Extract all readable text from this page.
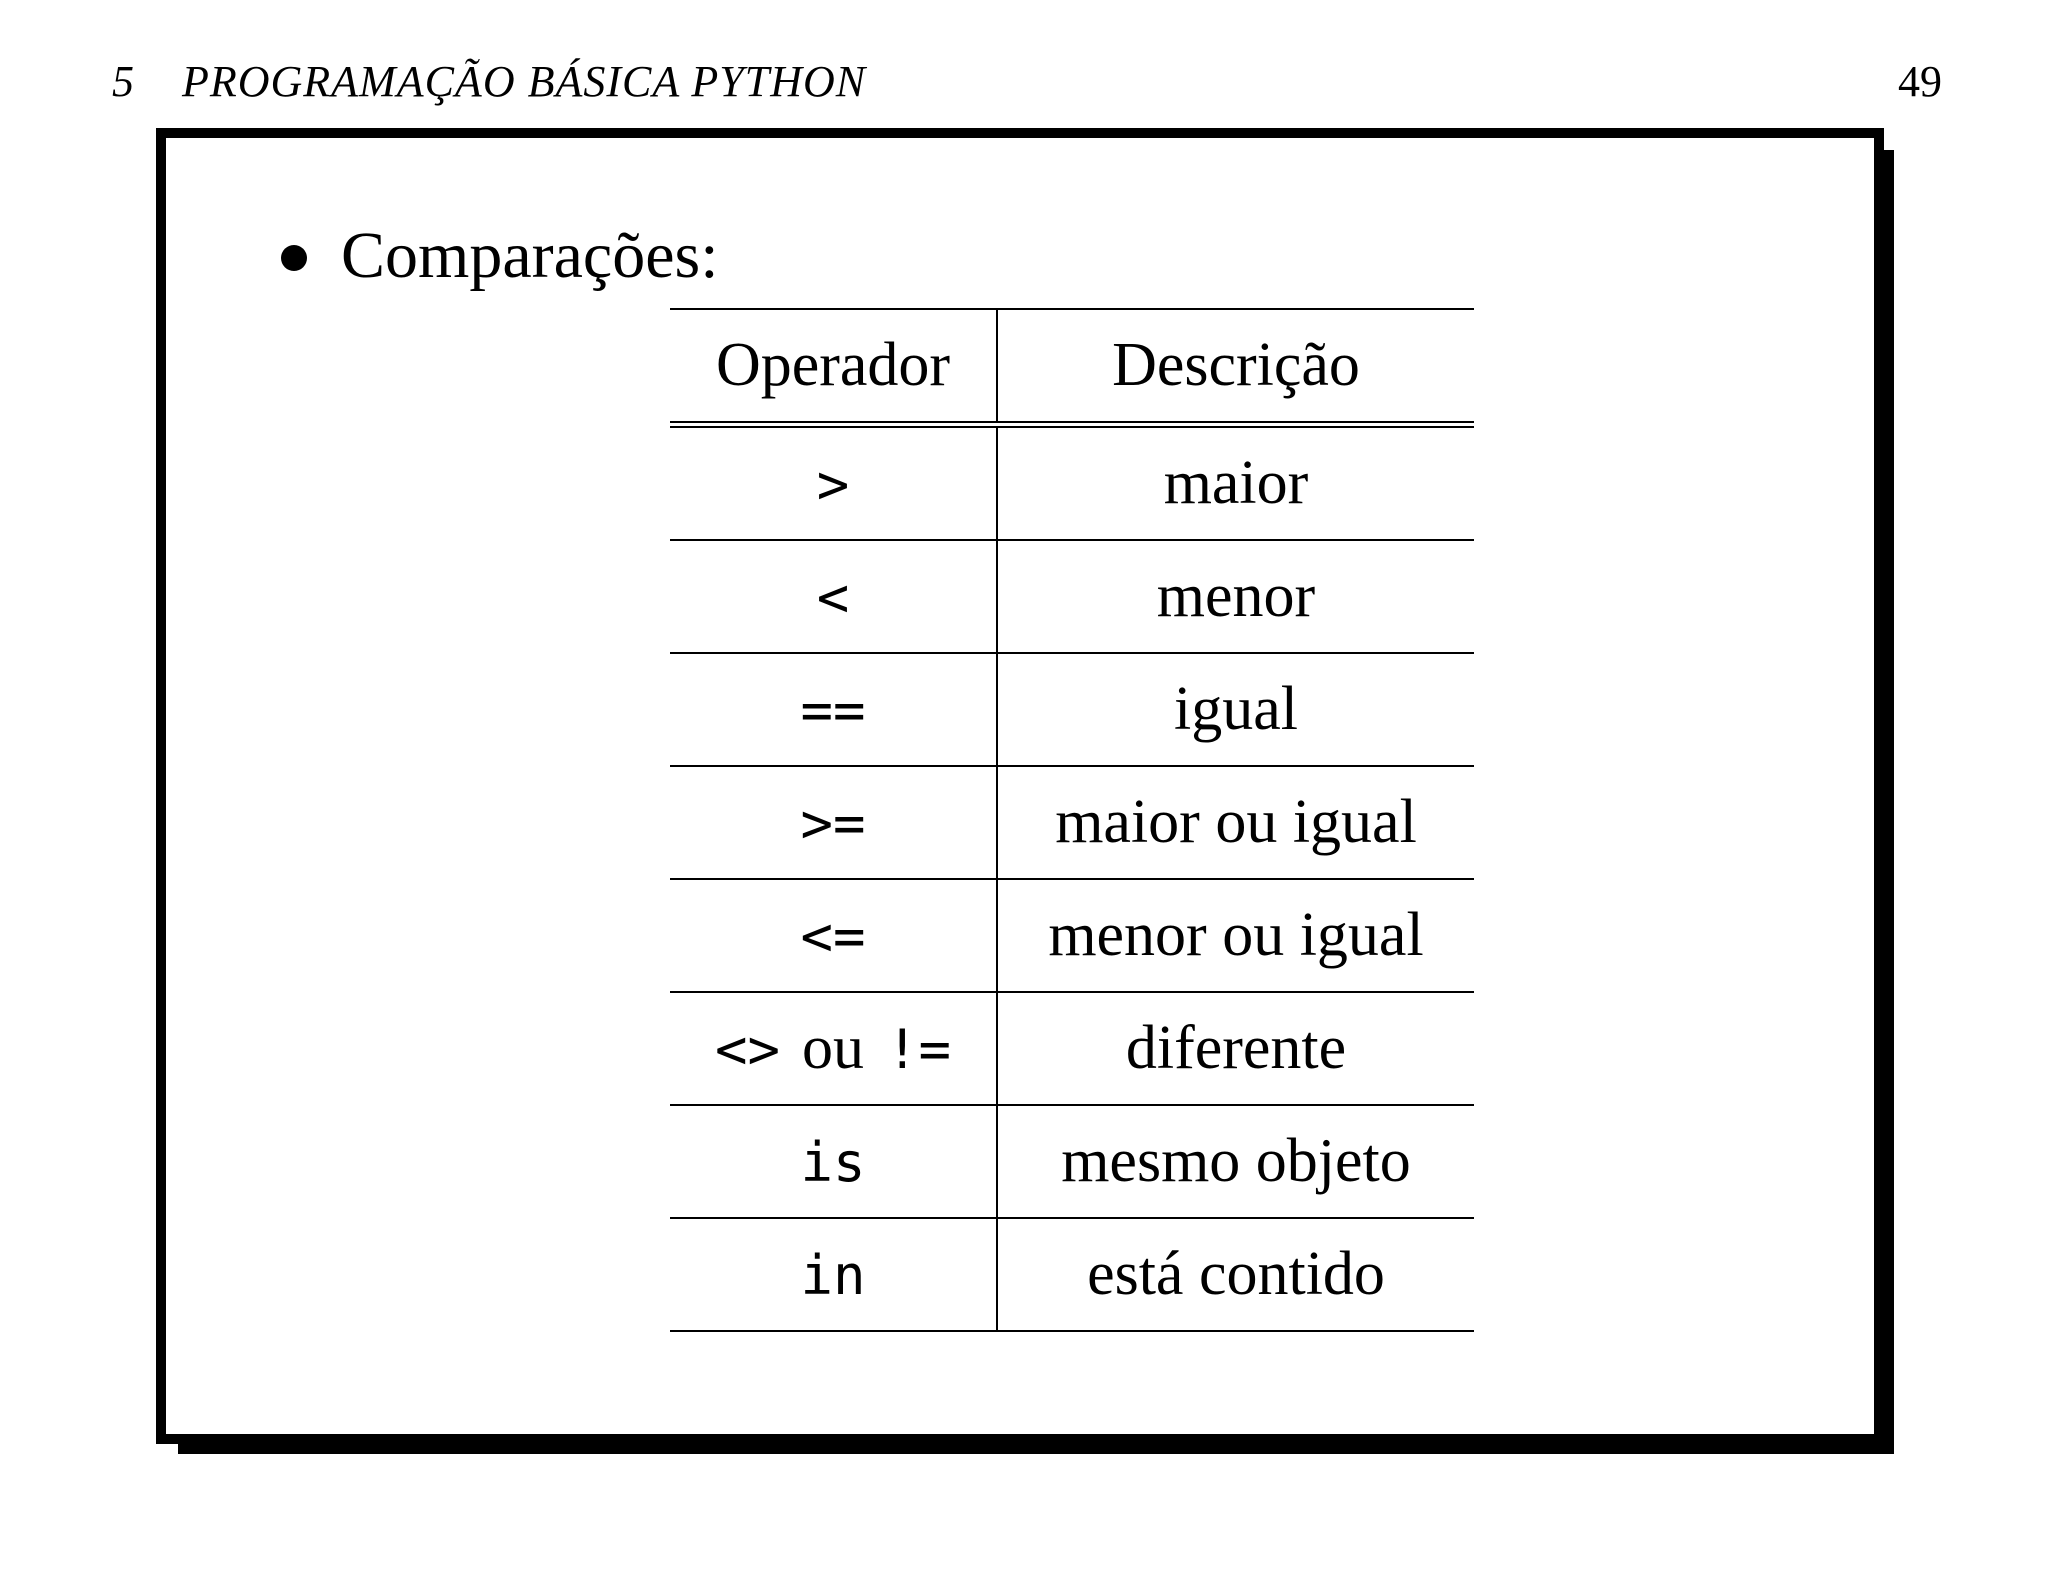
5 PROGRAMAÇÃO BÁSICA PYTHON	49
Comparações:
Operador	Descrição
>	maior
<	menor
==	igual
>=	maior ou igual
<=	menor ou igual
<> ou !=	diferente
is	mesmo objeto
in	está contido
